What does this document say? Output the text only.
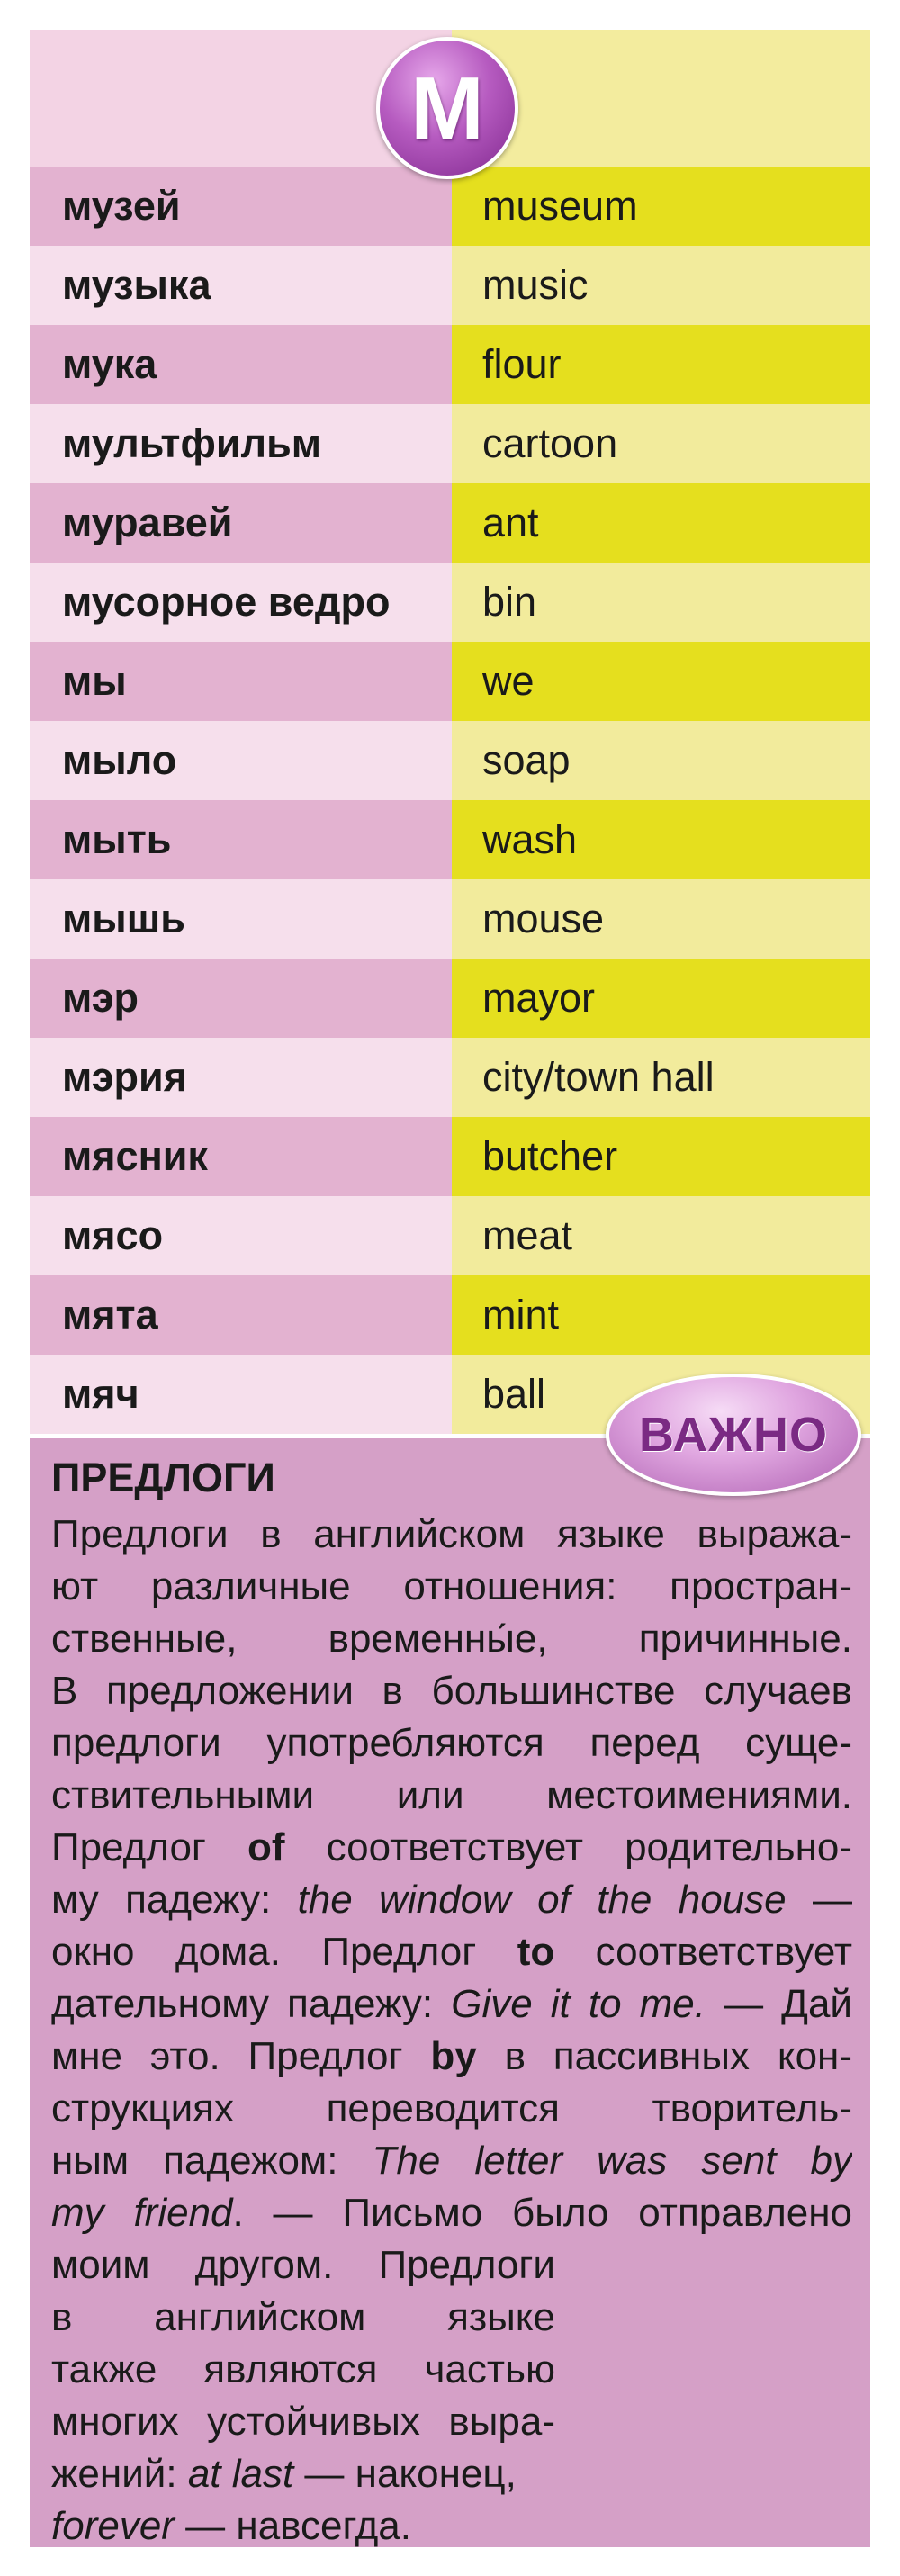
М
музей	museum
музыка	music
мука	flour
мультфильм	cartoon
муравей	ant
мусорное ведро	bin
мы	we
мыло	soap
мыть	wash
мышь	mouse
мэр	mayor
мэрия	city/town hall
мясник	butcher
мясо	meat
мята	mint
мяч	ball
ВАЖНО
ПРЕДЛОГИ
Предлоги в английском языке выража-
ют различные отношения: простран-
ственные, временны́е, причинные.
В предложении в большинстве случаев
предлоги употребляются перед суще-
ствительными или местоимениями.
Предлог of соответствует родительно-
му падежу: the window of the house —
окно дома. Предлог to соответствует
дательному падежу: Give it to me. — Дай
мне это. Предлог by в пассивных кон-
струкциях переводится творитель-
ным падежом: The letter was sent by
my friend. — Письмо было отправлено
моим другом. Предлоги
в английском языке
также являются частью
многих устойчивых выра-
жений: at last — наконец,
forever — навсегда.
